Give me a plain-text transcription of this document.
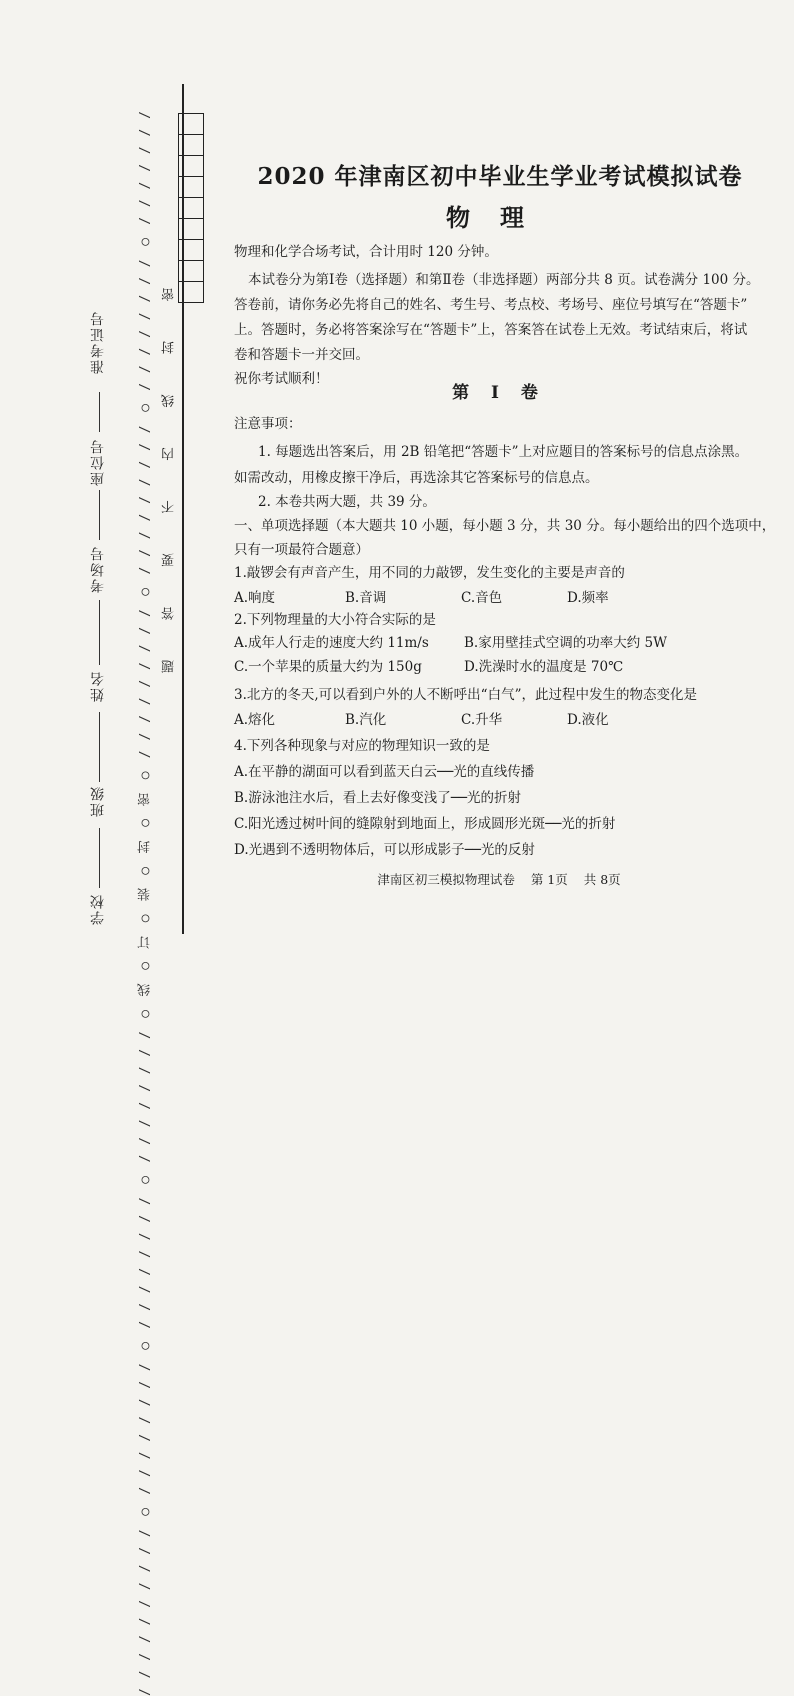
准考证号
座位号
考场号
姓名
班级
学校	/ / / / / / / / / / ○ / / / / / / / / ○ / / / / / / / / ○ / / / / / / / / ○ 线 ○ 订 ○ 装 ○ 封 ○ 密 ○ / / / / / / / / / ○ / / / / / / / / / ○ / / / / / / / / ○ / / / / / / / 题 答 要 不 内 线 封 密
2020 年津南区初中毕业生学业考试模拟试卷
物理
物理和化学合场考试，合计用时 120 分钟。
本试卷分为第Ⅰ卷（选择题）和第Ⅱ卷（非选择题）两部分共 8 页。试卷满分 100 分。
答卷前，请你务必先将自己的姓名、考生号、考点校、考场号、座位号填写在“答题卡”
上。答题时，务必将答案涂写在“答题卡”上，答案答在试卷上无效。考试结束后，将试
卷和答题卡一并交回。
祝你考试顺利！
第 Ⅰ 卷
注意事项：
1. 每题选出答案后，用 2B 铅笔把“答题卡”上对应题目的答案标号的信息点涂黑。
如需改动，用橡皮擦干净后，再选涂其它答案标号的信息点。
2. 本卷共两大题，共 39 分。
一、单项选择题（本大题共 10 小题，每小题 3 分，共 30 分。每小题给出的四个选项中，
只有一项最符合题意）
1.敲锣会有声音产生，用不同的力敲锣，发生变化的主要是声音的
A.响度	B.音调	C.音色	D.频率
2.下列物理量的大小符合实际的是
A.成年人行走的速度大约 11m/s	B.家用壁挂式空调的功率大约 5W
C.一个苹果的质量大约为 150g	D.洗澡时水的温度是 70℃
3.北方的冬天,可以看到户外的人不断呼出“白气”，此过程中发生的物态变化是
A.熔化	B.汽化	C.升华	D.液化
4.下列各种现象与对应的物理知识一致的是
A.在平静的湖面可以看到蓝天白云──光的直线传播
B.游泳池注水后，看上去好像变浅了──光的折射
C.阳光透过树叶间的缝隙射到地面上，形成圆形光斑──光的折射
D.光遇到不透明物体后，可以形成影子──光的反射
津南区初三模拟物理试卷 第 1页 共 8页
